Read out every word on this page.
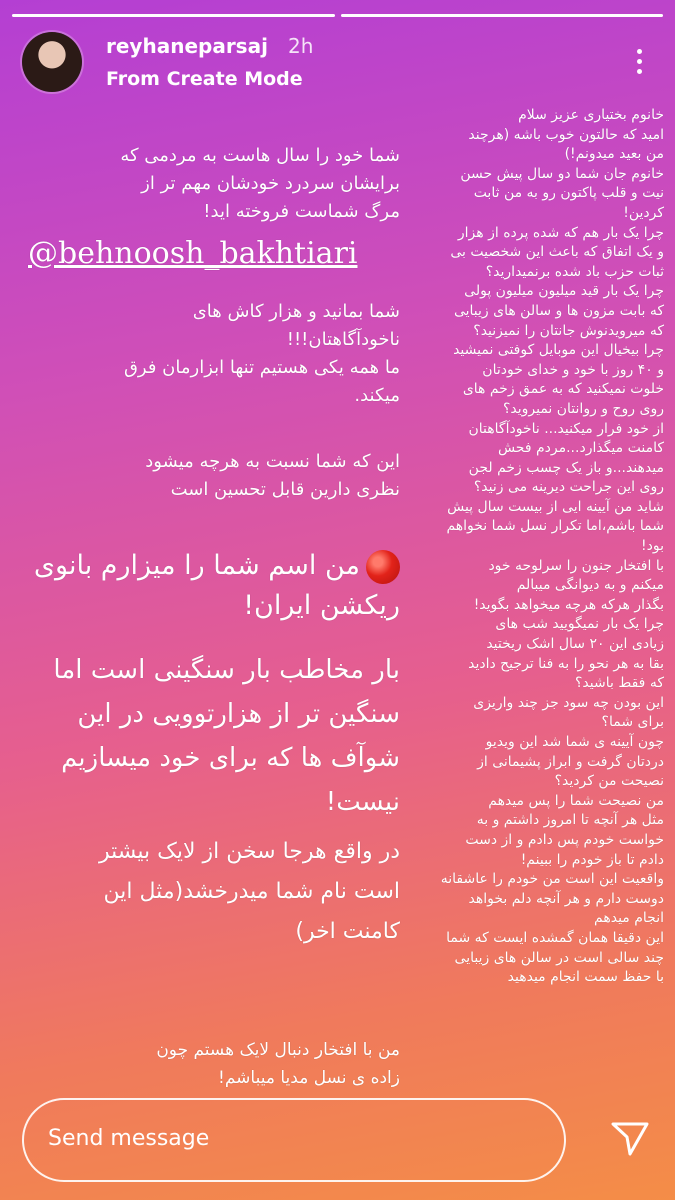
reyhaneparsaj 2h
From Create Mode

شما خود را سال هاست به مردمی که
برایشان سردرد خودشان مهم تر از
مرگ شماست فروخته اید!

@behnoosh_bakhtiari

شما بمانید و هزار کاش های
ناخودآگاهتان!!!
ما همه یکی هستیم تنها ابزارمان فرق
میکند.

این که شما نسبت به هرچه میشود
نظری دارین قابل تحسین است

من اسم شما را میزارم بانوی
ریکشن ایران!

بار مخاطب بار سنگینی است اما
سنگین تر از هزارتوویی در این
شوآف ها که برای خود میسازیم
نیست!

در واقع هرجا سخن از لایک بیشتر
است نام شما میدرخشد(مثل این
کامنت اخر)

من با افتخار دنبال لایک هستم چون
زاده ی نسل مدیا میباشم!

خانوم بختیاری عزیز سلام
امید که حالتون خوب باشه (هرچند
من بعید میدونم!)
خانوم جان شما دو سال پیش حسن
نیت و قلب پاکتون رو به من ثابت
کردین!
چرا یک بار هم که شده پرده از هزار
و یک اتفاق که باعث این شخصیت بی
ثبات حزب باد شده برنمیدارید؟
چرا یک بار قید میلیون میلیون پولی
که بابت مزون ها و سالن های زیبایی
که میرویدنوش جانتان را نمیزنید؟
چرا بیخیال این موبایل کوفتی نمیشید
و ۴۰ روز با خود و خدای خودتان
خلوت نمیکنید که به عمق زخم های
روی روح و روانتان نمیروید؟
از خود فرار میکنید... ناخودآگاهتان
کامنت میگذارد...مردم فحش
میدهند...و باز یک چسب زخم لجن
روی این جراحت دیرینه می زنید؟
شاید من آیینه ایی از بیست سال پیش
شما باشم،اما تکرار نسل شما نخواهم
بود!
با افتخار جنون را سرلوحه خود
میکنم و به دیوانگی میبالم
بگذار هرکه هرچه میخواهد بگوید!
چرا یک بار نمیگویید شب های
زیادی این ۲۰ سال اشک ریختید
بقا به هر نحو را به فنا ترجیح دادید
که فقط باشید؟
این بودن چه سود جز چند واریزی
برای شما؟
چون آیینه ی شما شد این ویدیو
دردتان گرفت و ابراز پشیمانی از
نصیحت من کردید؟
من نصیحت شما را پس میدهم
مثل هر آنچه تا امروز داشتم و به
خواست خودم پس دادم و از دست
دادم تا باز خودم را ببینم!
واقعیت این است من خودم را عاشقانه
دوست دارم و هر آنچه دلم بخواهد
انجام میدهم
این دقیقا همان گمشده ایست که شما
چند سالی است در سالن های زیبایی
با حفظ سمت انجام میدهید

Send message
